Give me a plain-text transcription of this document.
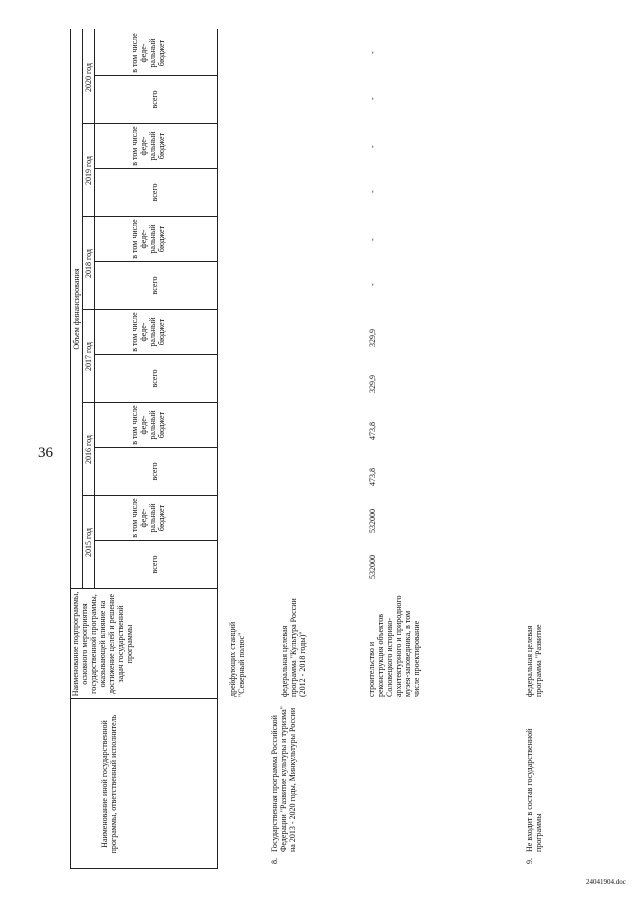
36
Наименование иной государственной программы, ответственный исполнитель
Наименование подпрограммы, основного мероприятия государственной программы, оказывающей влияние на достижение целей и решение задач государственной программы
Объем финансирования
2015 год
2016 год
2017 год
2018 год
2019 год
2020 год
всего
в том числе феде-ральный бюджет
всего
в том числе феде-ральный бюджет
всего
в том числе феде-ральный бюджет
всего
в том числе феде-ральный бюджет
всего
в том числе феде-ральный бюджет
всего
в том числе феде-ральный бюджет
дрейфующих станций "Северный полюс"
8.
Государственная программа Российской Федерации "Развитие культуры и туризма" на 2013 - 2020 годы, Минкультуры России
федеральная целевая программа "Культура России (2012 - 2018 годы)"	строительство и реконструкция объектов Соловецкого историко-архитектурного и природного музея-заповедника, в том числе проектирование
532000
532000
473,8
473,8
329,9
329,9
-
-
-
-
-
-
9.
Не входит в состав государственной программы
федеральная целевая программа "Развитие
24041904.doc
